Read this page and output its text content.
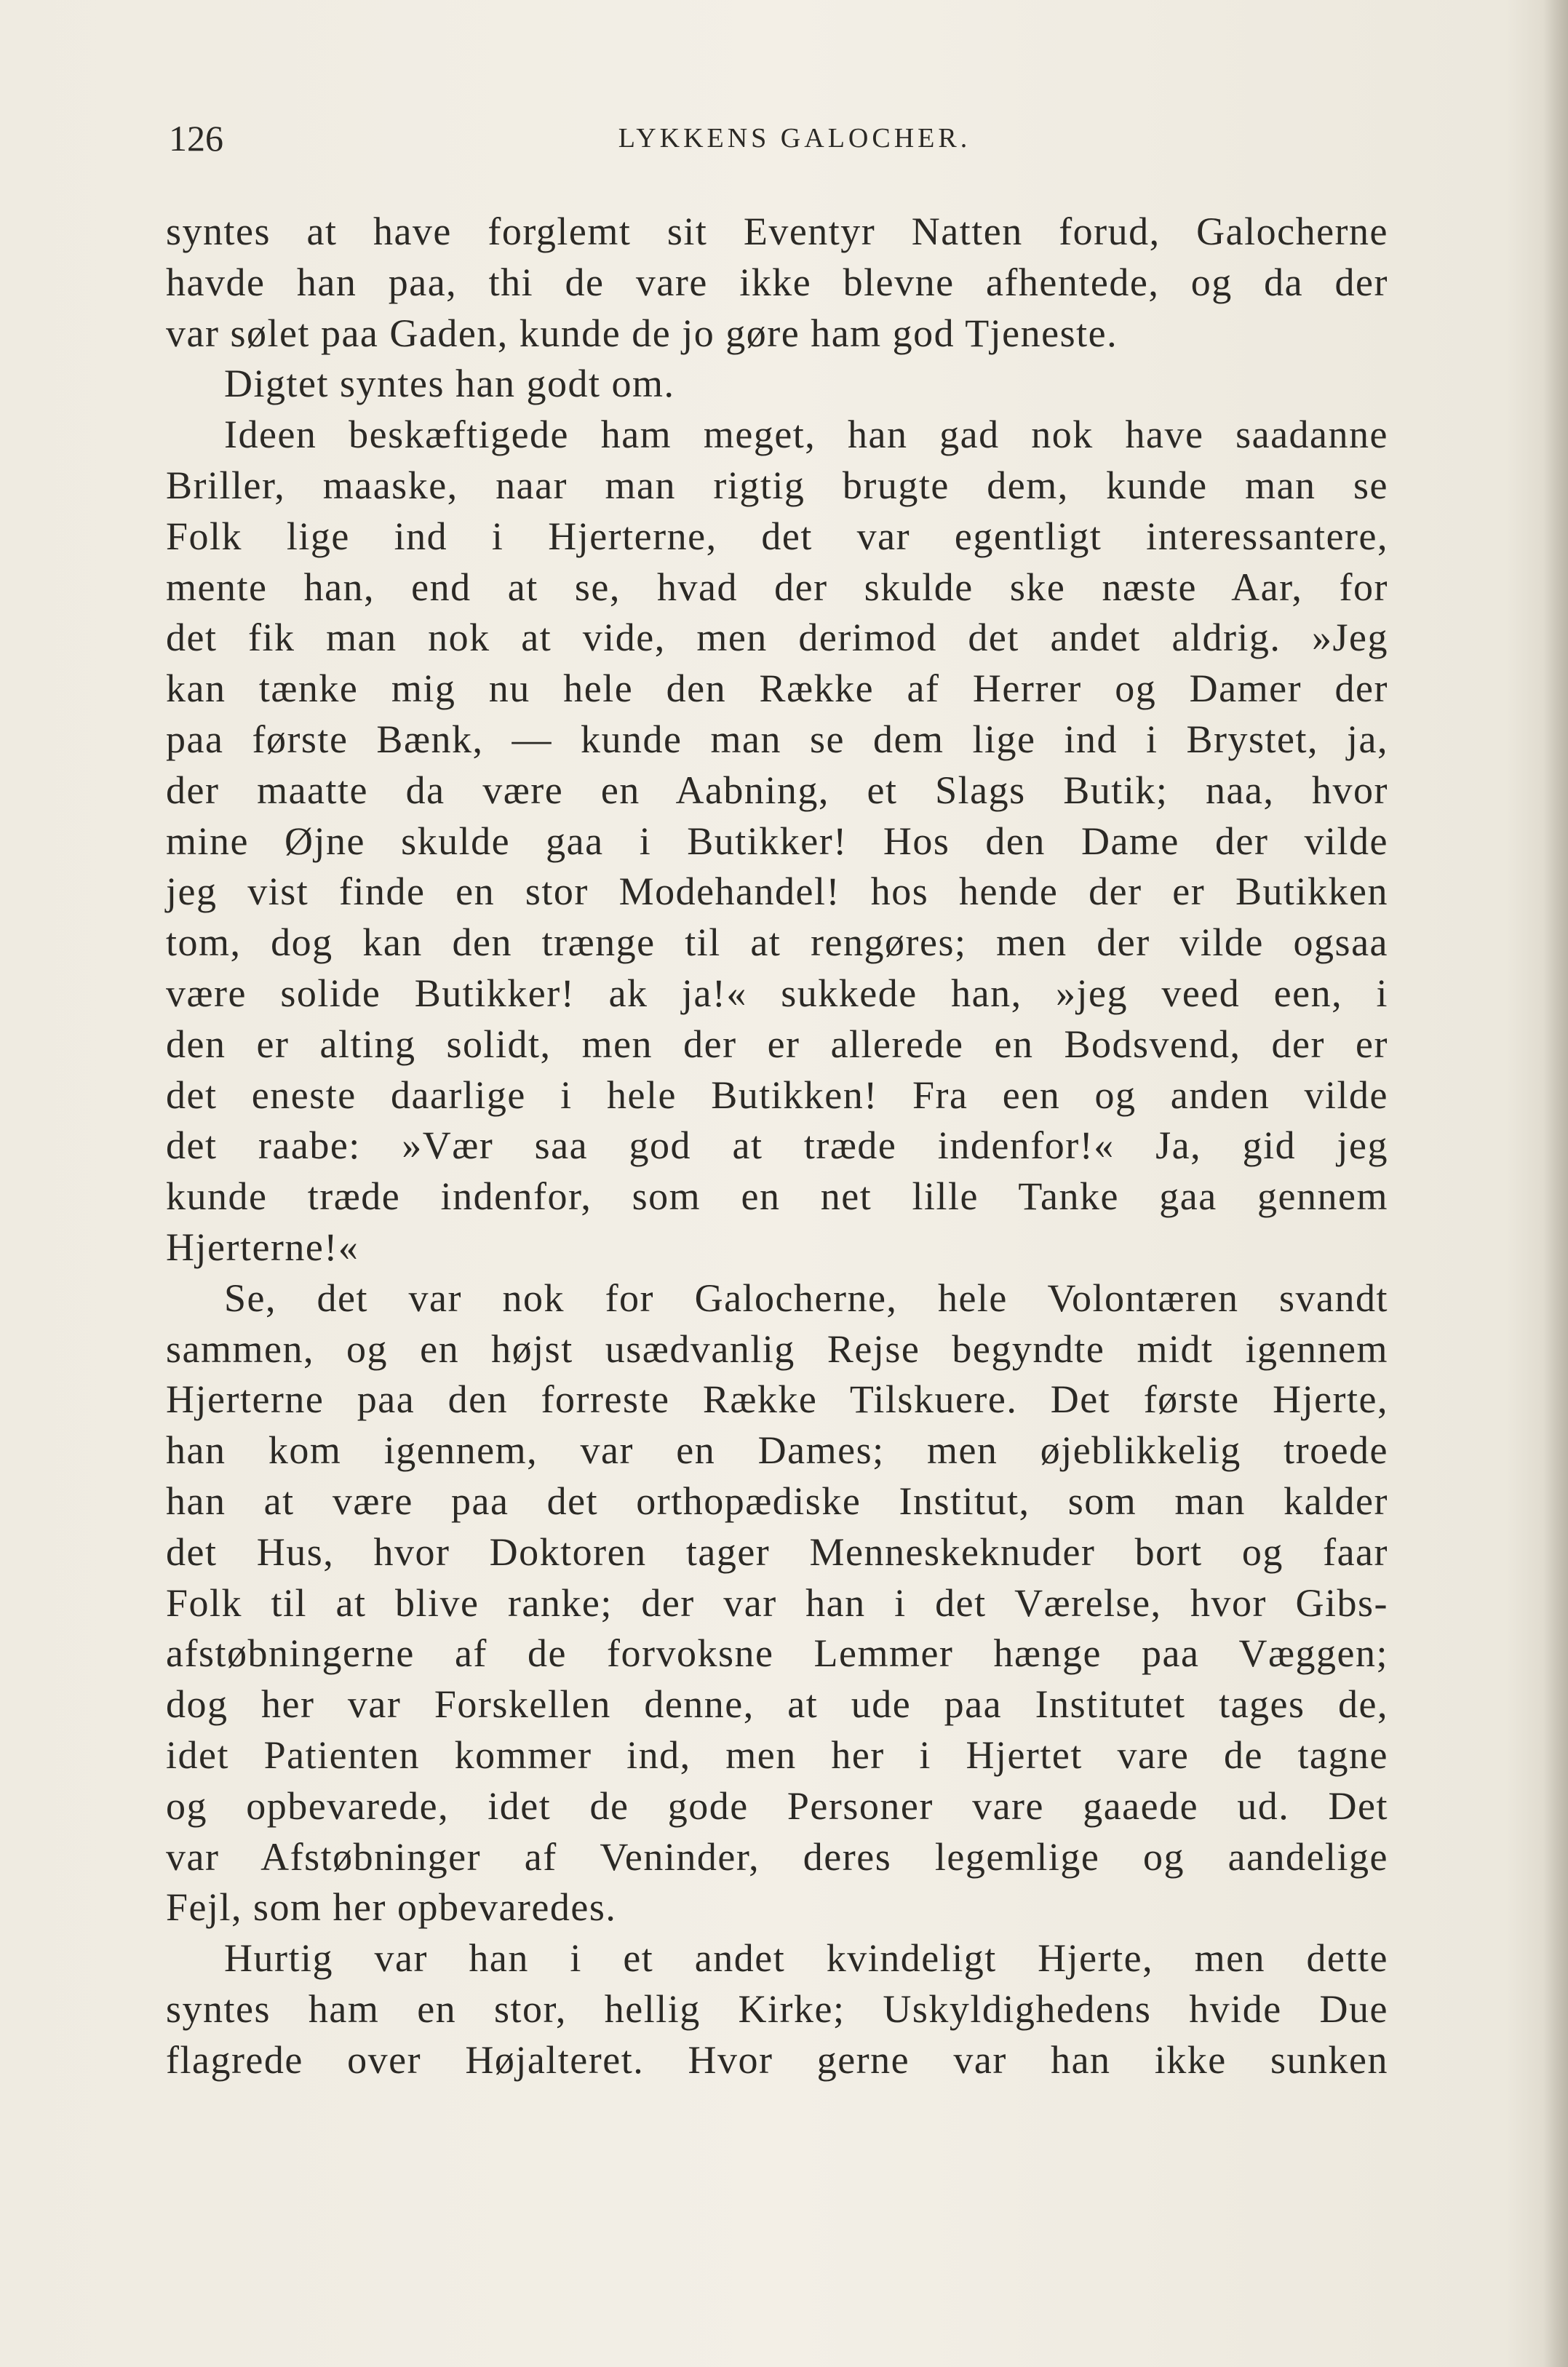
126	LYKKENS GALOCHER.
syntes at have forglemt sit Eventyr Natten forud, Galocherne
havde han paa, thi de vare ikke blevne afhentede, og da der
var sølet paa Gaden, kunde de jo gøre ham god Tjeneste.
Digtet syntes han godt om.
Ideen beskæftigede ham meget, han gad nok have saadanne
Briller, maaske, naar man rigtig brugte dem, kunde man se
Folk lige ind i Hjerterne, det var egentligt interessantere,
mente han, end at se, hvad der skulde ske næste Aar, for
det fik man nok at vide, men derimod det andet aldrig. »Jeg
kan tænke mig nu hele den Række af Herrer og Damer der
paa første Bænk, — kunde man se dem lige ind i Brystet, ja,
der maatte da være en Aabning, et Slags Butik; naa, hvor
mine Øjne skulde gaa i Butikker! Hos den Dame der vilde
jeg vist finde en stor Modehandel! hos hende der er Butikken
tom, dog kan den trænge til at rengøres; men der vilde ogsaa
være solide Butikker! ak ja!« sukkede han, »jeg veed een, i
den er alting solidt, men der er allerede en Bodsvend, der er
det eneste daarlige i hele Butikken! Fra een og anden vilde
det raabe: »Vær saa god at træde indenfor!« Ja, gid jeg
kunde træde indenfor, som en net lille Tanke gaa gennem
Hjerterne!«
Se, det var nok for Galocherne, hele Volontæren svandt
sammen, og en højst usædvanlig Rejse begyndte midt igennem
Hjerterne paa den forreste Række Tilskuere. Det første Hjerte,
han kom igennem, var en Dames; men øjeblikkelig troede
han at være paa det orthopædiske Institut, som man kalder
det Hus, hvor Doktoren tager Menneskeknuder bort og faar
Folk til at blive ranke; der var han i det Værelse, hvor Gibs-
afstøbningerne af de forvoksne Lemmer hænge paa Væggen;
dog her var Forskellen denne, at ude paa Institutet tages de,
idet Patienten kommer ind, men her i Hjertet vare de tagne
og opbevarede, idet de gode Personer vare gaaede ud. Det
var Afstøbninger af Veninder, deres legemlige og aandelige
Fejl, som her opbevaredes.
Hurtig var han i et andet kvindeligt Hjerte, men dette
syntes ham en stor, hellig Kirke; Uskyldighedens hvide Due
flagrede over Højalteret. Hvor gerne var han ikke sunken
